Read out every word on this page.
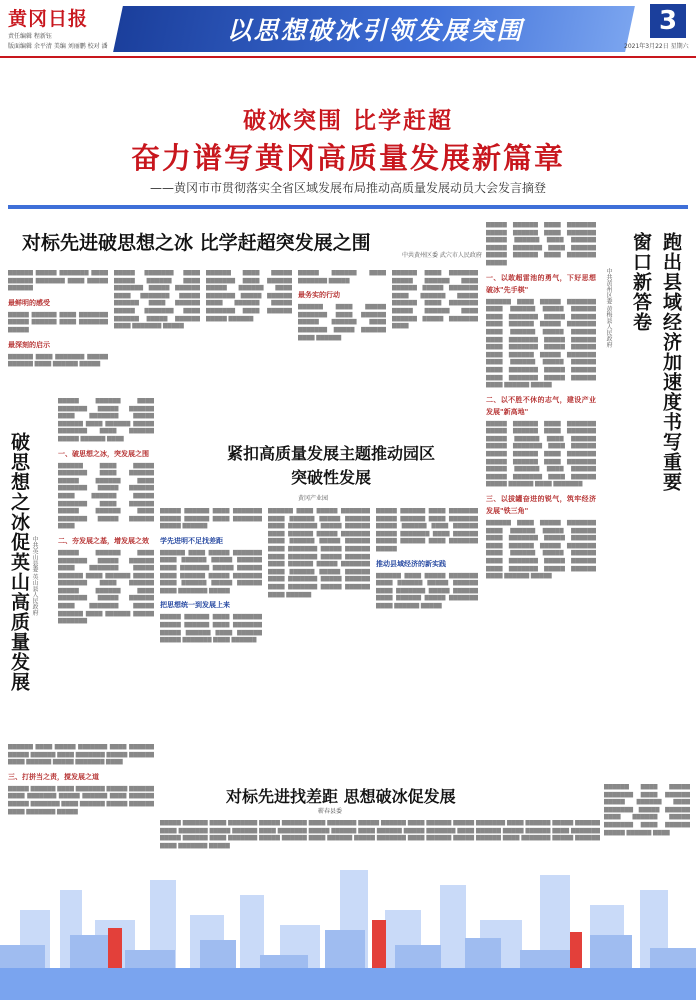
黄冈日报
责任编辑 程新钰
版面编辑 余平清 美编 刘丽鹏 校对 潘
以思想破冰引领发展突围	3
2021年3月22日 星期六
破冰突围 比学赶超
奋力谱写黄冈高质量发展新篇章
——黄冈市市贯彻落实全省区域发展布局推动高质量发展动员大会发言摘登
对标先进破思想之冰 比学赶超突发展之围
中共黄州区委 武穴市人民政府
▇▇▇▇▇▇ ▇▇▇▇▇ ▇▇▇▇▇▇▇ ▇▇▇▇ ▇▇▇▇▇▇ ▇▇▇▇▇▇▇ ▇▇▇▇ ▇▇▇▇▇ ▇▇▇▇▇▇
最鲜明的感受
▇▇▇▇▇ ▇▇▇▇▇▇ ▇▇▇▇ ▇▇▇▇▇▇▇ ▇▇▇▇▇ ▇▇▇▇▇▇ ▇▇▇▇ ▇▇▇▇▇▇▇ ▇▇▇▇▇
最深刻的启示
▇▇▇▇▇▇ ▇▇▇▇ ▇▇▇▇▇▇▇ ▇▇▇▇▇ ▇▇▇▇▇▇ ▇▇▇▇ ▇▇▇▇▇▇ ▇▇▇▇▇
▇▇▇▇▇ ▇▇▇▇▇▇▇ ▇▇▇▇ ▇▇▇▇▇ ▇▇▇▇▇▇ ▇▇▇▇ ▇▇▇▇▇▇▇ ▇▇▇▇▇ ▇▇▇▇▇▇ ▇▇▇▇ ▇▇▇▇▇▇▇ ▇▇▇▇▇ ▇▇▇▇▇▇ ▇▇▇▇ ▇▇▇▇▇▇ ▇▇▇▇▇ ▇▇▇▇▇▇▇ ▇▇▇▇ ▇▇▇▇▇▇ ▇▇▇▇▇ ▇▇▇▇▇▇ ▇▇▇▇ ▇▇▇▇▇▇▇ ▇▇▇▇▇
▇▇▇▇▇▇ ▇▇▇▇ ▇▇▇▇▇ ▇▇▇▇▇▇▇ ▇▇▇▇ ▇▇▇▇▇▇ ▇▇▇▇▇ ▇▇▇▇▇▇ ▇▇▇▇ ▇▇▇▇▇▇▇ ▇▇▇▇▇ ▇▇▇▇▇▇ ▇▇▇▇ ▇▇▇▇▇▇ ▇▇▇▇▇ ▇▇▇▇▇▇▇ ▇▇▇▇ ▇▇▇▇▇▇ ▇▇▇▇▇ ▇▇▇▇▇▇
▇▇▇▇▇ ▇▇▇▇▇▇ ▇▇▇▇ ▇▇▇▇▇▇▇ ▇▇▇▇▇
最务实的行动
▇▇▇▇▇▇ ▇▇▇▇ ▇▇▇▇▇ ▇▇▇▇▇▇▇ ▇▇▇▇ ▇▇▇▇▇▇ ▇▇▇▇▇ ▇▇▇▇▇▇ ▇▇▇▇ ▇▇▇▇▇▇▇ ▇▇▇▇▇ ▇▇▇▇▇▇ ▇▇▇▇ ▇▇▇▇▇▇
▇▇▇▇▇▇ ▇▇▇▇ ▇▇▇▇▇▇▇ ▇▇▇▇▇ ▇▇▇▇▇▇ ▇▇▇▇ ▇▇▇▇▇▇ ▇▇▇▇▇ ▇▇▇▇▇▇▇ ▇▇▇▇ ▇▇▇▇▇▇ ▇▇▇▇▇ ▇▇▇▇▇▇ ▇▇▇▇ ▇▇▇▇▇▇▇ ▇▇▇▇▇ ▇▇▇▇▇▇ ▇▇▇▇ ▇▇▇▇▇▇ ▇▇▇▇▇ ▇▇▇▇▇▇▇ ▇▇▇▇
▇▇▇▇▇ ▇▇▇▇▇▇ ▇▇▇▇ ▇▇▇▇▇▇▇ ▇▇▇▇▇ ▇▇▇▇▇▇ ▇▇▇▇ ▇▇▇▇▇▇▇ ▇▇▇▇▇ ▇▇▇▇▇▇ ▇▇▇▇ ▇▇▇▇▇▇ ▇▇▇▇▇ ▇▇▇▇▇▇▇ ▇▇▇▇ ▇▇▇▇▇▇ ▇▇▇▇▇ ▇▇▇▇▇▇ ▇▇▇▇ ▇▇▇▇▇▇▇ ▇▇▇▇▇
一、以敢超雷池的勇气，下好思想破冰"先手棋"
▇▇▇▇▇▇ ▇▇▇▇ ▇▇▇▇▇ ▇▇▇▇▇▇▇ ▇▇▇▇ ▇▇▇▇▇▇ ▇▇▇▇▇ ▇▇▇▇▇▇ ▇▇▇▇ ▇▇▇▇▇▇▇ ▇▇▇▇▇ ▇▇▇▇▇▇ ▇▇▇▇ ▇▇▇▇▇▇ ▇▇▇▇▇ ▇▇▇▇▇▇▇ ▇▇▇▇ ▇▇▇▇▇▇ ▇▇▇▇▇ ▇▇▇▇▇▇ ▇▇▇▇ ▇▇▇▇▇▇▇ ▇▇▇▇▇ ▇▇▇▇▇▇ ▇▇▇▇ ▇▇▇▇▇▇▇ ▇▇▇▇▇ ▇▇▇▇▇▇ ▇▇▇▇ ▇▇▇▇▇▇ ▇▇▇▇▇ ▇▇▇▇▇▇▇ ▇▇▇▇ ▇▇▇▇▇▇ ▇▇▇▇▇ ▇▇▇▇▇▇ ▇▇▇▇ ▇▇▇▇▇▇▇ ▇▇▇▇▇ ▇▇▇▇▇▇ ▇▇▇▇ ▇▇▇▇▇▇▇ ▇▇▇▇▇ ▇▇▇▇▇▇ ▇▇▇▇ ▇▇▇▇▇▇ ▇▇▇▇▇
二、以不胜不休的志气，建设产业发展"新高地"
▇▇▇▇▇ ▇▇▇▇▇▇ ▇▇▇▇ ▇▇▇▇▇▇▇ ▇▇▇▇▇ ▇▇▇▇▇▇ ▇▇▇▇ ▇▇▇▇▇▇▇ ▇▇▇▇▇ ▇▇▇▇▇▇ ▇▇▇▇ ▇▇▇▇▇▇ ▇▇▇▇▇ ▇▇▇▇▇▇▇ ▇▇▇▇ ▇▇▇▇▇▇ ▇▇▇▇▇ ▇▇▇▇▇▇ ▇▇▇▇ ▇▇▇▇▇▇▇ ▇▇▇▇▇ ▇▇▇▇▇▇ ▇▇▇▇ ▇▇▇▇▇▇▇ ▇▇▇▇▇ ▇▇▇▇▇▇ ▇▇▇▇ ▇▇▇▇▇▇ ▇▇▇▇▇ ▇▇▇▇▇▇▇ ▇▇▇▇ ▇▇▇▇▇▇ ▇▇▇▇▇ ▇▇▇▇▇▇ ▇▇▇▇ ▇▇▇▇▇▇▇
三、以拔罐奋进的锐气，筑牢经济发展"铁三角"
▇▇▇▇▇▇ ▇▇▇▇ ▇▇▇▇▇ ▇▇▇▇▇▇▇ ▇▇▇▇ ▇▇▇▇▇▇ ▇▇▇▇▇ ▇▇▇▇▇▇ ▇▇▇▇ ▇▇▇▇▇▇▇ ▇▇▇▇▇ ▇▇▇▇▇▇ ▇▇▇▇ ▇▇▇▇▇▇ ▇▇▇▇▇ ▇▇▇▇▇▇▇ ▇▇▇▇ ▇▇▇▇▇▇ ▇▇▇▇▇ ▇▇▇▇▇▇ ▇▇▇▇ ▇▇▇▇▇▇▇ ▇▇▇▇▇ ▇▇▇▇▇▇ ▇▇▇▇ ▇▇▇▇▇▇▇ ▇▇▇▇▇ ▇▇▇▇▇▇ ▇▇▇▇ ▇▇▇▇▇▇ ▇▇▇▇▇
跑出县域经济加速度书写重要窗口新答卷
中共黄州区委 黄梅县人民政府
破思想之冰促英山高质量发展 中共英山县委 英山县人民政府
▇▇▇▇▇ ▇▇▇▇▇▇ ▇▇▇▇ ▇▇▇▇▇▇▇ ▇▇▇▇▇ ▇▇▇▇▇▇ ▇▇▇▇ ▇▇▇▇▇▇▇ ▇▇▇▇▇ ▇▇▇▇▇▇ ▇▇▇▇ ▇▇▇▇▇▇ ▇▇▇▇▇ ▇▇▇▇▇▇▇ ▇▇▇▇ ▇▇▇▇▇▇ ▇▇▇▇▇ ▇▇▇▇▇▇ ▇▇▇▇
一、破思想之冰，突发展之围
▇▇▇▇▇▇ ▇▇▇▇ ▇▇▇▇▇ ▇▇▇▇▇▇▇ ▇▇▇▇ ▇▇▇▇▇▇ ▇▇▇▇▇ ▇▇▇▇▇▇ ▇▇▇▇ ▇▇▇▇▇▇▇ ▇▇▇▇▇ ▇▇▇▇▇▇ ▇▇▇▇ ▇▇▇▇▇▇ ▇▇▇▇▇ ▇▇▇▇▇▇▇ ▇▇▇▇ ▇▇▇▇▇▇ ▇▇▇▇▇ ▇▇▇▇▇▇ ▇▇▇▇ ▇▇▇▇▇▇▇ ▇▇▇▇▇ ▇▇▇▇▇▇ ▇▇▇▇
二、夯发展之基，增发展之效
▇▇▇▇▇ ▇▇▇▇▇▇ ▇▇▇▇ ▇▇▇▇▇▇▇ ▇▇▇▇▇ ▇▇▇▇▇▇ ▇▇▇▇ ▇▇▇▇▇▇▇ ▇▇▇▇▇ ▇▇▇▇▇▇ ▇▇▇▇ ▇▇▇▇▇▇ ▇▇▇▇▇ ▇▇▇▇▇▇▇ ▇▇▇▇ ▇▇▇▇▇▇ ▇▇▇▇▇ ▇▇▇▇▇▇ ▇▇▇▇ ▇▇▇▇▇▇▇ ▇▇▇▇▇ ▇▇▇▇▇▇ ▇▇▇▇ ▇▇▇▇▇▇▇ ▇▇▇▇▇ ▇▇▇▇▇▇ ▇▇▇▇ ▇▇▇▇▇▇ ▇▇▇▇▇ ▇▇▇▇▇▇▇
▇▇▇▇▇▇ ▇▇▇▇ ▇▇▇▇▇ ▇▇▇▇▇▇▇ ▇▇▇▇ ▇▇▇▇▇▇ ▇▇▇▇▇ ▇▇▇▇▇▇ ▇▇▇▇ ▇▇▇▇▇▇▇ ▇▇▇▇▇ ▇▇▇▇▇▇ ▇▇▇▇ ▇▇▇▇▇▇ ▇▇▇▇▇ ▇▇▇▇▇▇▇ ▇▇▇▇
三、打拼当之责，搅发展之道
▇▇▇▇▇ ▇▇▇▇▇▇ ▇▇▇▇ ▇▇▇▇▇▇▇ ▇▇▇▇▇ ▇▇▇▇▇▇ ▇▇▇▇ ▇▇▇▇▇▇▇ ▇▇▇▇▇ ▇▇▇▇▇▇ ▇▇▇▇ ▇▇▇▇▇▇ ▇▇▇▇▇ ▇▇▇▇▇▇▇ ▇▇▇▇ ▇▇▇▇▇▇ ▇▇▇▇▇ ▇▇▇▇▇▇ ▇▇▇▇ ▇▇▇▇▇▇▇ ▇▇▇▇▇
紧扣高质量发展主题推动园区突破性发展
黄冈产业园
▇▇▇▇▇ ▇▇▇▇▇▇ ▇▇▇▇ ▇▇▇▇▇▇▇ ▇▇▇▇▇ ▇▇▇▇▇▇ ▇▇▇▇ ▇▇▇▇▇▇▇ ▇▇▇▇▇ ▇▇▇▇▇▇
学先进明不足找差距
▇▇▇▇▇▇ ▇▇▇▇ ▇▇▇▇▇ ▇▇▇▇▇▇▇ ▇▇▇▇ ▇▇▇▇▇▇ ▇▇▇▇▇ ▇▇▇▇▇▇ ▇▇▇▇ ▇▇▇▇▇▇▇ ▇▇▇▇▇ ▇▇▇▇▇▇ ▇▇▇▇ ▇▇▇▇▇▇ ▇▇▇▇▇ ▇▇▇▇▇▇▇ ▇▇▇▇ ▇▇▇▇▇▇ ▇▇▇▇▇ ▇▇▇▇▇▇ ▇▇▇▇ ▇▇▇▇▇▇▇ ▇▇▇▇▇
把思想统一到发展上来
▇▇▇▇▇ ▇▇▇▇▇▇ ▇▇▇▇ ▇▇▇▇▇▇▇ ▇▇▇▇▇ ▇▇▇▇▇▇ ▇▇▇▇ ▇▇▇▇▇▇▇ ▇▇▇▇▇ ▇▇▇▇▇▇ ▇▇▇▇ ▇▇▇▇▇▇ ▇▇▇▇▇ ▇▇▇▇▇▇▇ ▇▇▇▇ ▇▇▇▇▇▇
▇▇▇▇▇▇ ▇▇▇▇ ▇▇▇▇▇ ▇▇▇▇▇▇▇ ▇▇▇▇ ▇▇▇▇▇▇ ▇▇▇▇▇ ▇▇▇▇▇▇ ▇▇▇▇ ▇▇▇▇▇▇▇ ▇▇▇▇▇ ▇▇▇▇▇▇ ▇▇▇▇ ▇▇▇▇▇▇ ▇▇▇▇▇ ▇▇▇▇▇▇▇ ▇▇▇▇ ▇▇▇▇▇▇ ▇▇▇▇▇ ▇▇▇▇▇▇ ▇▇▇▇ ▇▇▇▇▇▇▇ ▇▇▇▇▇ ▇▇▇▇▇▇ ▇▇▇▇ ▇▇▇▇▇▇▇ ▇▇▇▇▇ ▇▇▇▇▇▇ ▇▇▇▇ ▇▇▇▇▇▇ ▇▇▇▇▇ ▇▇▇▇▇▇▇ ▇▇▇▇ ▇▇▇▇▇▇ ▇▇▇▇▇ ▇▇▇▇▇▇ ▇▇▇▇ ▇▇▇▇▇▇▇ ▇▇▇▇▇ ▇▇▇▇▇▇ ▇▇▇▇ ▇▇▇▇▇▇▇ ▇▇▇▇▇ ▇▇▇▇▇▇ ▇▇▇▇ ▇▇▇▇▇▇
▇▇▇▇▇ ▇▇▇▇▇▇ ▇▇▇▇ ▇▇▇▇▇▇▇ ▇▇▇▇▇ ▇▇▇▇▇▇ ▇▇▇▇ ▇▇▇▇▇▇▇ ▇▇▇▇▇ ▇▇▇▇▇▇ ▇▇▇▇ ▇▇▇▇▇▇ ▇▇▇▇▇ ▇▇▇▇▇▇▇ ▇▇▇▇ ▇▇▇▇▇▇ ▇▇▇▇▇ ▇▇▇▇▇▇ ▇▇▇▇ ▇▇▇▇▇▇▇ ▇▇▇▇▇
推动县域经济的新实践
▇▇▇▇▇▇ ▇▇▇▇ ▇▇▇▇▇ ▇▇▇▇▇▇▇ ▇▇▇▇ ▇▇▇▇▇▇ ▇▇▇▇▇ ▇▇▇▇▇▇ ▇▇▇▇ ▇▇▇▇▇▇▇ ▇▇▇▇▇ ▇▇▇▇▇▇ ▇▇▇▇ ▇▇▇▇▇▇ ▇▇▇▇▇ ▇▇▇▇▇▇▇ ▇▇▇▇ ▇▇▇▇▇▇ ▇▇▇▇▇
对标先进找差距 思想破冰促发展
蕲春县委
▇▇▇▇▇ ▇▇▇▇▇▇ ▇▇▇▇ ▇▇▇▇▇▇▇ ▇▇▇▇▇ ▇▇▇▇▇▇ ▇▇▇▇ ▇▇▇▇▇▇▇ ▇▇▇▇▇ ▇▇▇▇▇▇ ▇▇▇▇ ▇▇▇▇▇▇ ▇▇▇▇▇ ▇▇▇▇▇▇▇ ▇▇▇▇ ▇▇▇▇▇▇ ▇▇▇▇▇ ▇▇▇▇▇▇ ▇▇▇▇ ▇▇▇▇▇▇▇ ▇▇▇▇▇ ▇▇▇▇▇▇ ▇▇▇▇ ▇▇▇▇▇▇▇ ▇▇▇▇▇ ▇▇▇▇▇▇ ▇▇▇▇ ▇▇▇▇▇▇ ▇▇▇▇▇ ▇▇▇▇▇▇▇ ▇▇▇▇ ▇▇▇▇▇▇ ▇▇▇▇▇ ▇▇▇▇▇▇ ▇▇▇▇ ▇▇▇▇▇▇▇ ▇▇▇▇▇ ▇▇▇▇▇▇ ▇▇▇▇ ▇▇▇▇▇▇▇ ▇▇▇▇▇ ▇▇▇▇▇▇ ▇▇▇▇ ▇▇▇▇▇▇ ▇▇▇▇▇ ▇▇▇▇▇▇▇ ▇▇▇▇ ▇▇▇▇▇▇ ▇▇▇▇▇ ▇▇▇▇▇▇ ▇▇▇▇ ▇▇▇▇▇▇▇ ▇▇▇▇▇ ▇▇▇▇▇▇ ▇▇▇▇ ▇▇▇▇▇▇▇ ▇▇▇▇▇
▇▇▇▇▇▇ ▇▇▇▇ ▇▇▇▇▇ ▇▇▇▇▇▇▇ ▇▇▇▇ ▇▇▇▇▇▇ ▇▇▇▇▇ ▇▇▇▇▇▇ ▇▇▇▇ ▇▇▇▇▇▇▇ ▇▇▇▇▇ ▇▇▇▇▇▇ ▇▇▇▇ ▇▇▇▇▇▇ ▇▇▇▇▇ ▇▇▇▇▇▇▇ ▇▇▇▇ ▇▇▇▇▇▇ ▇▇▇▇▇ ▇▇▇▇▇▇ ▇▇▇▇
